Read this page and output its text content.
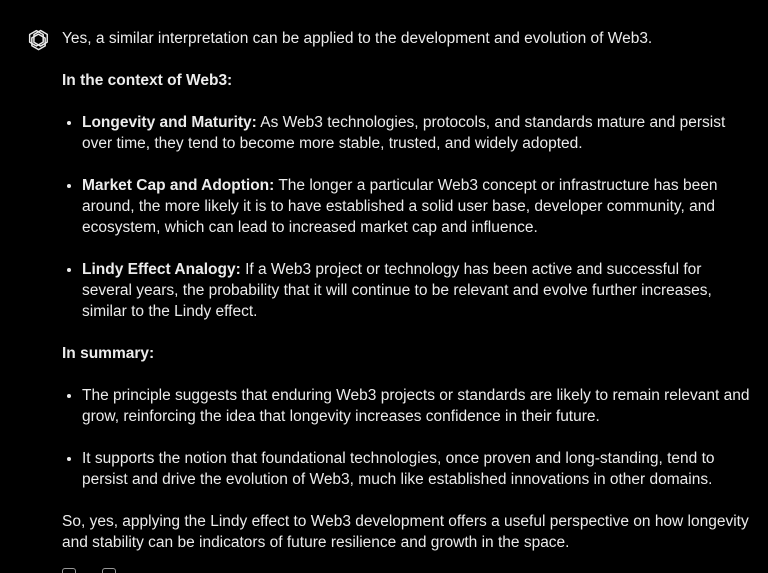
Yes, a similar interpretation can be applied to the development and evolution of Web3.

In the context of Web3:

• Longevity and Maturity: As Web3 technologies, protocols, and standards mature and persist over time, they tend to become more stable, trusted, and widely adopted.
• Market Cap and Adoption: The longer a particular Web3 concept or infrastructure has been around, the more likely it is to have established a solid user base, developer community, and ecosystem, which can lead to increased market cap and influence.
• Lindy Effect Analogy: If a Web3 project or technology has been active and successful for several years, the probability that it will continue to be relevant and evolve further increases, similar to the Lindy effect.

In summary:

• The principle suggests that enduring Web3 projects or standards are likely to remain relevant and grow, reinforcing the idea that longevity increases confidence in their future.
• It supports the notion that foundational technologies, once proven and long-standing, tend to persist and drive the evolution of Web3, much like established innovations in other domains.

So, yes, applying the Lindy effect to Web3 development offers a useful perspective on how longevity and stability can be indicators of future resilience and growth in the space.
